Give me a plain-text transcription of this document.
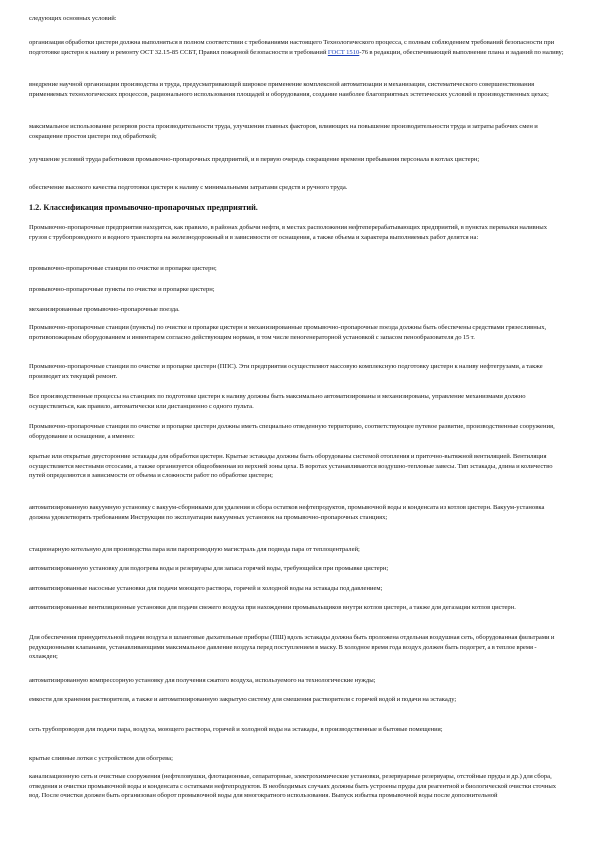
следующих основных условий:

организация обработки цистерн должна выполняться в полном соответствии с требованиями настоящего Технологического процесса, с полным соблюдением требований безопасности при подготовке цистерн к наливу и ремонту ОСТ 32.15-85 ССБТ, Правил пожарной безопасности и требований ГОСТ 1510-76 в редакции, обеспечивающей выполнение плана и заданий по наливу;

внедрение научной организации производства и труда, предусматривающей широкое применение комплексной автоматизации и механизации, систематического совершенствования применяемых технологических процессов, рационального использования площадей и оборудования, создание наиболее благоприятных эстетических условий в производственных цехах;

максимальное использование резервов роста производительности труда, улучшения главных факторов, влияющих на повышение производительности труда и затраты рабочих смен и сокращение простоя цистерн под обработкой;

улучшение условий труда работников промывочно-пропарочных предприятий, и в первую очередь сокращение времени пребывания персонала в котлах цистерн;

обеспечение высокого качества подготовки цистерн к наливу с минимальными затратами средств и ручного труда.

1.2. Классификация промывочно-пропарочных предприятий.

Промывочно-пропарочные предприятия находятся, как правило, в районах добычи нефти, в местах расположения нефтеперерабатывающих предприятий, в пунктах перевалки наливных грузов с трубопроводного и водного транспорта на железнодорожный и в зависимости от оснащения, а также объема и характера выполняемых работ делятся на:

промывочно-пропарочные станции по очистке и пропарке цистерн;

промывочно-пропарочные пункты по очистке и пропарке цистерн;

механизированные промывочно-пропарочные поезда.

Промывочно-пропарочные станции (пункты) по очистке и пропарке цистерн и механизированные промывочно-пропарочные поезда должны быть обеспечены средствами грязесливных, противопожарным оборудованием и инвентарем согласно действующим нормам, в том числе пеногенераторной установкой с запасом пенообразователя до 15 т.

Промывочно-пропарочные станции по очистке и пропарке цистерн (ППС). Эти предприятия осуществляют массовую комплексную подготовку цистерн к наливу нефтегрузами, а также производят их текущий ремонт.

Все производственные процессы на станциях по подготовке цистерн к наливу должны быть максимально автоматизированы и механизированы, управление механизмами должно осуществляться, как правило, автоматически или дистанционно с одного пульта.

Промывочно-пропарочные станции по очистке и пропарке цистерн должны иметь специально отведенную территорию, соответствующее путевое развитие, производственные сооружения, оборудование и оснащение, а именно:

крытые или открытые двусторонние эстакады для обработки цистерн. Крытые эстакады должны быть оборудованы системой отопления и приточно-вытяжной вентиляцией. Вентиляция осуществляется местными отсосами, а также организуется общеобменная из верхней зоны цеха. В воротах устанавливаются воздушно-тепловые завесы. Тип эстакады, длина и количество путей определяются в зависимости от объема и сложности работ по обработке цистерн;

автоматизированную вакуумную установку с вакуум-сборниками для удаления и сбора остатков нефтепродуктов, промывочной воды и конденсата из котлов цистерн. Вакуум-установка должна удовлетворять требованиям Инструкции по эксплуатации вакуумных установок на промывочно-пропарочных станциях;

стационарную котельную для производства пара или паропроводную магистраль для подвода пара от теплоцентралей;

автоматизированную установку для подогрева воды и резервуары для запаса горячей воды, требующейся при промывке цистерн;

автоматизированные насосные установки для подачи моющего раствора, горячей и холодной воды на эстакады под давлением;

автоматизированные вентиляционные установки для подачи свежего воздуха при нахождении промывальщиков внутри котлов цистерн, а также для дегазации котлов цистерн.

Для обеспечения принудительной подачи воздуха в шланговые дыхательные приборы (ПШ) вдоль эстакады должна быть проложена отдельная воздушная сеть, оборудованная фильтрами и редукционными клапанами, устанавливающими максимальное давление воздуха перед поступлением в маску. В холодное время года воздух должен быть подогрет, а в теплое время - охлажден;

автоматизированную компрессорную установку для получения сжатого воздуха, используемого на технологические нужды;

емкости для хранения растворителя, а также и автоматизированную закрытую систему для смешения растворителя с горячей водой и подачи на эстакаду;

сеть трубопроводов для подачи пара, воздуха, моющего раствора, горячей и холодной воды на эстакады, в производственные и бытовые помещения;

крытые сливные лотки с устройством для обогрева;

канализационную сеть и очистные сооружения (нефтеловушки, флотационные, сепараторные, электрохимические установки, резервуарные резервуары, отстойные пруды и др.) для сбора, отведения и очистки промывочной воды и конденсата с остатками нефтепродуктов. В необходимых случаях должны быть устроены пруды для реагентной и биологической очистки сточных вод. После очистки должен быть организован оборот промывочной воды для многократного использования. Выпуск избытка промывочной воды после дополнительной
